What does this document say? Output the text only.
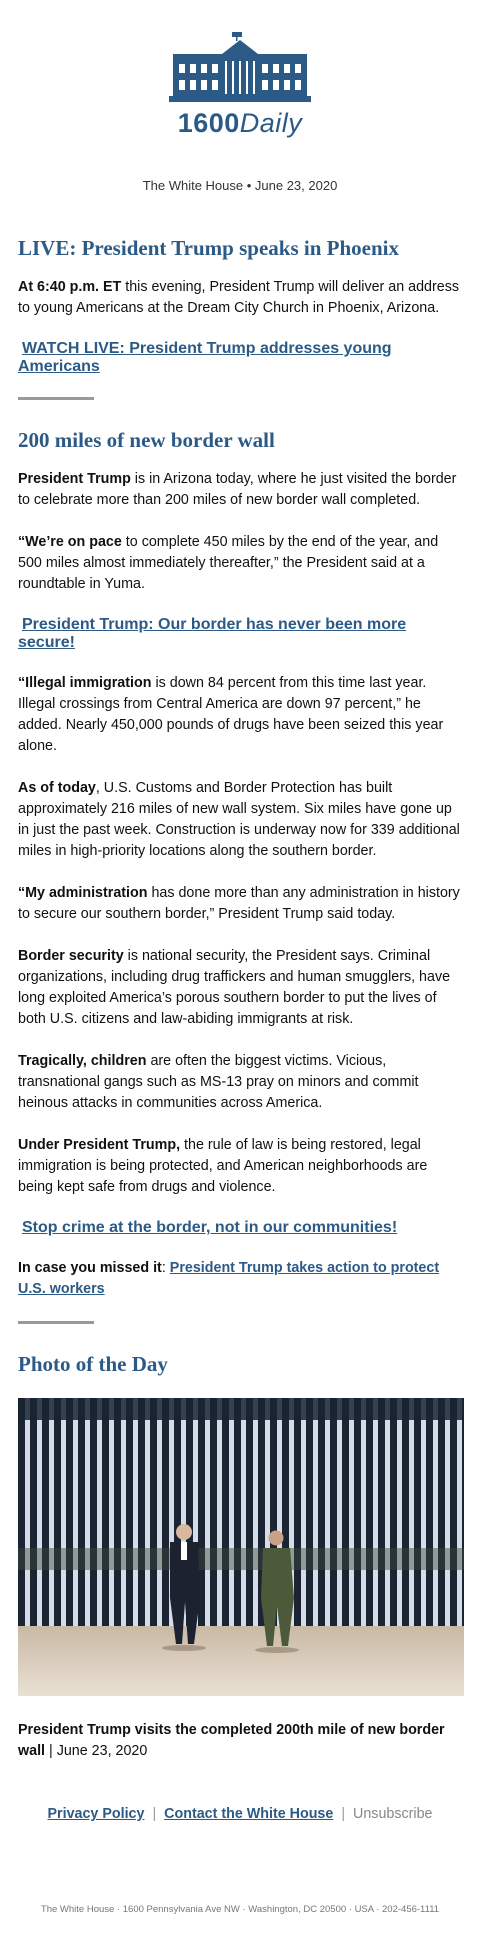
1600Daily
The White House • June 23, 2020
LIVE: President Trump speaks in Phoenix

At 6:40 p.m. ET this evening, President Trump will deliver an address to young Americans at the Dream City Church in Phoenix, Arizona.

WATCH LIVE: President Trump addresses young Americans
200 miles of new border wall

President Trump is in Arizona today, where he just visited the border to celebrate more than 200 miles of new border wall completed.

“We’re on pace to complete 450 miles by the end of the year, and 500 miles almost immediately thereafter,” the President said at a roundtable in Yuma.

President Trump: Our border has never been more secure!

“Illegal immigration is down 84 percent from this time last year. Illegal crossings from Central America are down 97 percent,” he added. Nearly 450,000 pounds of drugs have been seized this year alone.

As of today, U.S. Customs and Border Protection has built approximately 216 miles of new wall system. Six miles have gone up in just the past week. Construction is underway now for 339 additional miles in high-priority locations along the southern border.

“My administration has done more than any administration in history to secure our southern border,” President Trump said today.

Border security is national security, the President says. Criminal organizations, including drug traffickers and human smugglers, have long exploited America’s porous southern border to put the lives of both U.S. citizens and law-abiding immigrants at risk.

Tragically, children are often the biggest victims. Vicious, transnational gangs such as MS-13 pray on minors and commit heinous attacks in communities across America.

Under President Trump, the rule of law is being restored, legal immigration is being protected, and American neighborhoods are being kept safe from drugs and violence.

Stop crime at the border, not in our communities!

In case you missed it: President Trump takes action to protect U.S. workers

Photo of the Day

President Trump visits the completed 200th mile of new border wall | June 23, 2020

Privacy Policy | Contact the White House | Unsubscribe
The White House · 1600 Pennsylvania Ave NW · Washington, DC 20500 · USA · 202-456-1111
